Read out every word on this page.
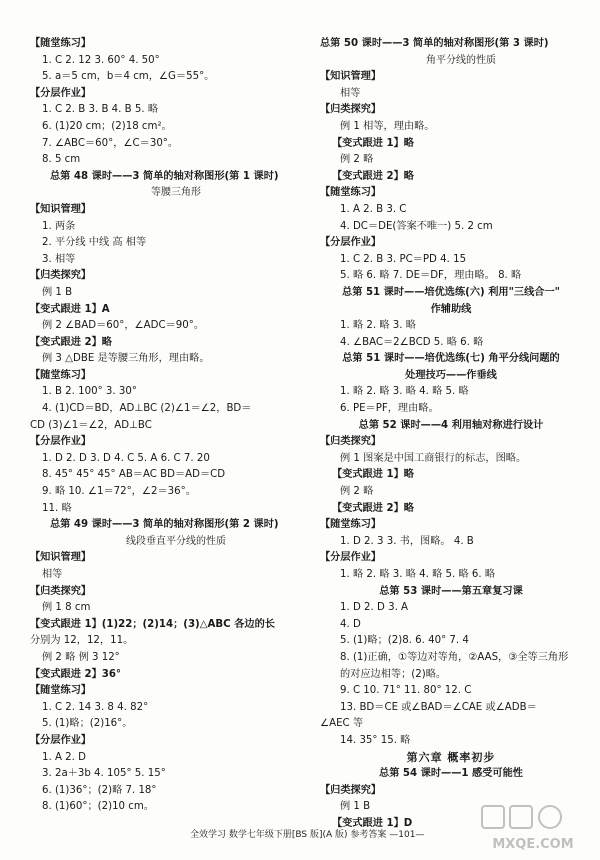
【随堂练习】
1. C 2. 12 3. 60° 4. 50°
5. a＝5 cm，b＝4 cm，∠G＝55°。
【分层作业】
1. C 2. B 3. B 4. B 5. 略
6. (1)20 cm；(2)18 cm²。
7. ∠ABC＝60°，∠C＝30°。
8. 5 cm
总第 48 课时——3 简单的轴对称图形(第 1 课时)
等腰三角形
【知识管理】
1. 两条
2. 平分线 中线 高 相等
3. 相等
【归类探究】
例 1 B
【变式跟进 1】A
例 2 ∠BAD＝60°，∠ADC＝90°。
【变式跟进 2】略
例 3 △DBE 是等腰三角形，理由略。
【随堂练习】
1. B 2. 100° 3. 30°
4. (1)CD＝BD，AD⊥BC (2)∠1＝∠2，BD＝
CD (3)∠1＝∠2，AD⊥BC
【分层作业】
1. D 2. D 3. D 4. C 5. A 6. C 7. 20
8. 45° 45° 45° AB＝AC BD＝AD＝CD
9. 略 10. ∠1＝72°，∠2＝36°。
11. 略
总第 49 课时——3 简单的轴对称图形(第 2 课时)
线段垂直平分线的性质
【知识管理】
相等
【归类探究】
例 1 8 cm
【变式跟进 1】(1)22；(2)14；(3)△ABC 各边的长
分别为 12，12，11。
例 2 略 例 3 12°
【变式跟进 2】36°
【随堂练习】
1. C 2. 14 3. 8 4. 82°
5. (1)略；(2)16°。
【分层作业】
1. A 2. D
3. 2a＋3b 4. 105° 5. 15°
6. (1)36°；(2)略 7. 18°
8. (1)60°；(2)10 cm。
总第 50 课时——3 简单的轴对称图形(第 3 课时)
角平分线的性质
【知识管理】
相等
【归类探究】
例 1 相等，理由略。
【变式跟进 1】略
例 2 略
【变式跟进 2】略
【随堂练习】
1. A 2. B 3. C
4. DC＝DE(答案不唯一) 5. 2 cm
【分层作业】
1. C 2. B 3. PC＝PD 4. 15
5. 略 6. 略 7. DE＝DF，理由略。 8. 略
总第 51 课时——培优选练(六) 利用"三线合一"
作辅助线
1. 略 2. 略 3. 略
4. ∠BAC＝2∠BCD 5. 略 6. 略
总第 51 课时——培优选练(七) 角平分线问题的
处理技巧——作垂线
1. 略 2. 略 3. 略 4. 略 5. 略
6. PE＝PF，理由略。
总第 52 课时——4 利用轴对称进行设计
【归类探究】
例 1 图案是中国工商银行的标志，图略。
【变式跟进 1】略
例 2 略
【变式跟进 2】略
【随堂练习】
1. D 2. 3 3. 书，图略。 4. B
【分层作业】
1. 略 2. 略 3. 略 4. 略 5. 略 6. 略
总第 53 课时——第五章复习课
1. D 2. D 3. A
4. D
5. (1)略；(2)8. 6. 40° 7. 4
8. (1)正确，①等边对等角，②AAS，③全等三角形
的对应边相等；(2)略。
9. C 10. 71° 11. 80° 12. C
13. BD＝CE 或∠BAD＝∠CAE 或∠ADB＝
∠AEC 等
14. 35° 15. 略
第六章 概率初步
总第 54 课时——1 感受可能性
【归类探究】
例 1 B
【变式跟进 1】D
全效学习 数学七年级下册[BS 版](A 版) 参考答案 —101—
MXQE.COM
